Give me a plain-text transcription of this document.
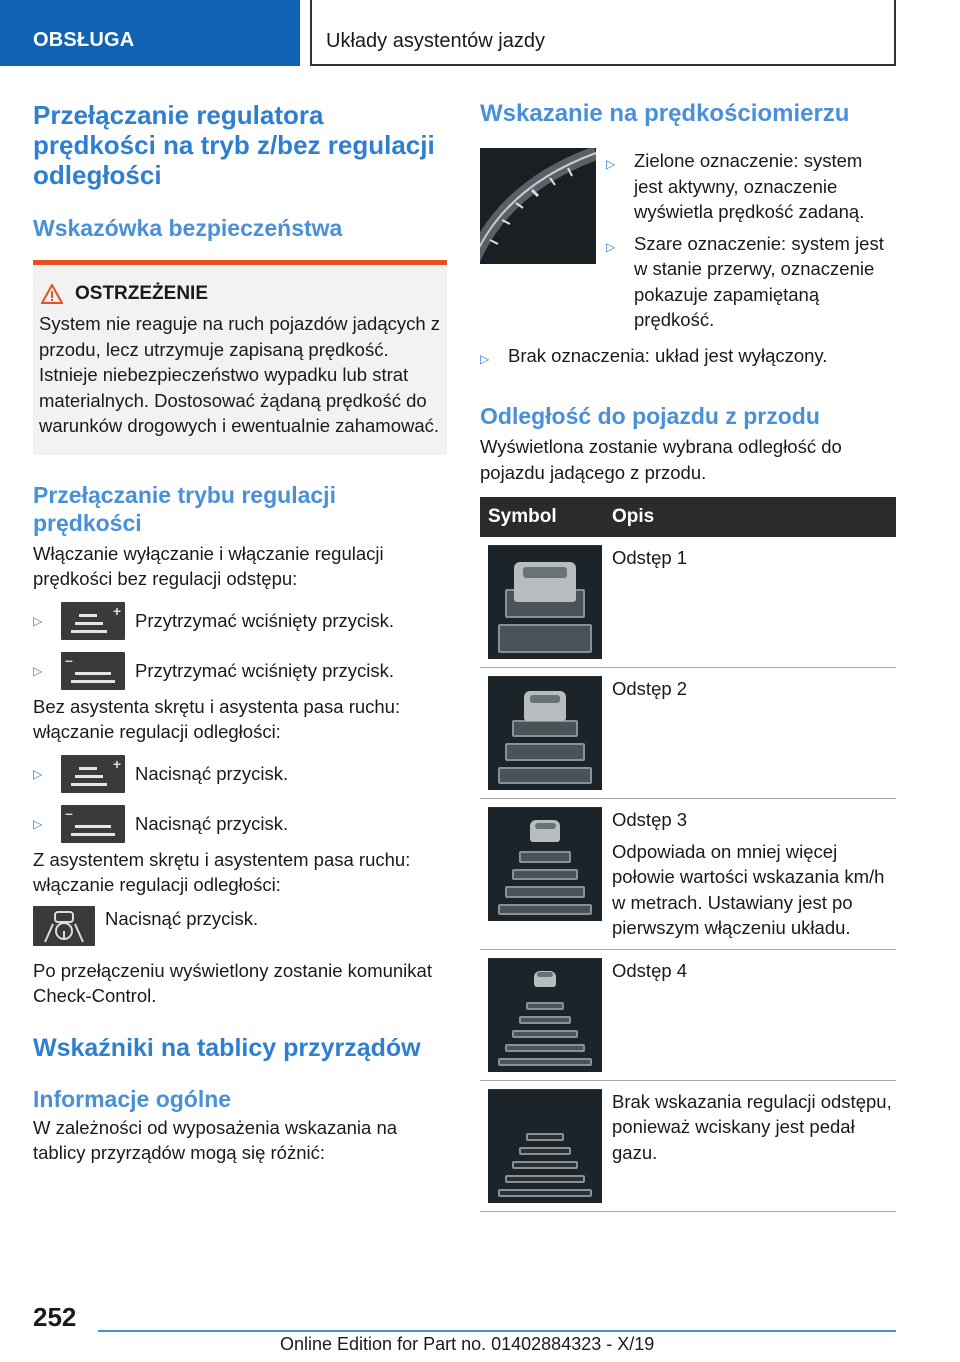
OBSŁUGA	Układy asystentów jazdy
Przełączanie regulatora prędkości na tryb z/bez regulacji odległości
Wskazówka bezpieczeństwa
OSTRZEŻENIE

System nie reaguje na ruch pojazdów jadących z przodu, lecz utrzymuje zapisaną prędkość. Istnieje niebezpieczeństwo wypadku lub strat materialnych. Dostosować żądaną prędkość do warunków drogowych i ewentualnie zahamować.

Przełączanie trybu regulacji prędkości

Włączanie wyłączanie i włączanie regulacji prędkości bez regulacji odstępu:

▷
+ Przytrzymać wciśnięty przycisk.
▷
–	Przytrzymać wciśnięty przycisk.

Bez asystenta skrętu i asystenta pasa ruchu: włączanie regulacji odległości:

▷
+ Nacisnąć przycisk.
▷
–	Nacisnąć przycisk.

Z asystentem skrętu i asystentem pasa ruchu: włączanie regulacji odległości:

Nacisnąć przycisk.

Po przełączeniu wyświetlony zostanie komunikat Check-Control.

Wskaźniki na tablicy przyrządów
Informacje ogólne

W zależności od wyposażenia wskazania na tablicy przyrządów mogą się różnić:

Wskazanie na prędkościomierzu
▷	Zielone oznaczenie: system jest aktywny, oznaczenie wyświetla prędkość zadaną.
▷	Szare oznaczenie: system jest w stanie przerwy, oznaczenie pokazuje zapamiętaną prędkość.
▷	Brak oznaczenia: układ jest wyłączony.
Odległość do pojazdu z przodu

Wyświetlona zostanie wybrana odległość do pojazdu jadącego z przodu.

Symbol	Opis

	Odstęp 1

	Odstęp 2

	Odstęp 3
Odpowiada on mniej więcej połowie wartości wskazania km/h w metrach. Ustawiany jest po pierwszym włączeniu układu.

	Odstęp 4

	Brak wskazania regulacji odstępu, ponieważ wciskany jest pedał gazu.
252
Online Edition for Part no. 01402884323 - X/19
